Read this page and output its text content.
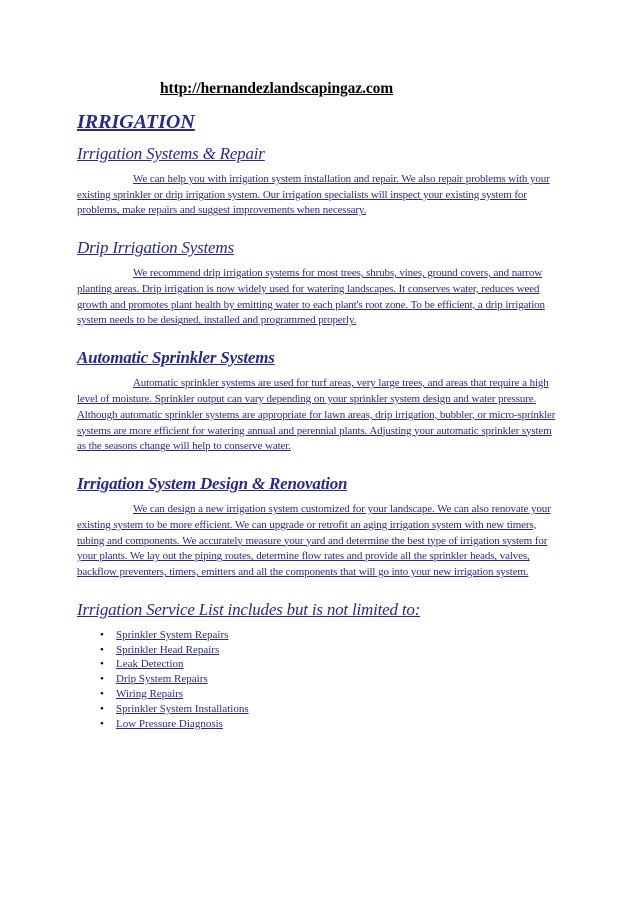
http://hernandezlandscapingaz.com
IRRIGATION
Irrigation Systems & Repair

We can help you with irrigation system installation and repair. We also repair problems with your existing sprinkler or drip irrigation system. Our irrigation specialists will inspect your existing system for problems, make repairs and suggest improvements when necessary.

Drip Irrigation Systems

We recommend drip irrigation systems for most trees, shrubs, vines, ground covers, and narrow planting areas. Drip irrigation is now widely used for watering landscapes. It conserves water, reduces weed growth and promotes plant health by emitting water to each plant's root zone. To be efficient, a drip irrigation system needs to be designed, installed and programmed properly.

Automatic Sprinkler Systems

Automatic sprinkler systems are used for turf areas, very large trees, and areas that require a high level of moisture. Sprinkler output can vary depending on your sprinkler system design and water pressure. Although automatic sprinkler systems are appropriate for lawn areas, drip irrigation, bubbler, or micro-sprinkler systems are more efficient for watering annual and perennial plants. Adjusting your automatic sprinkler system as the seasons change will help to conserve water.

Irrigation System Design & Renovation

We can design a new irrigation system customized for your landscape. We can also renovate your existing system to be more efficient. We can upgrade or retrofit an aging irrigation system with new timers, tubing and components. We accurately measure your yard and determine the best type of irrigation system for your plants. We lay out the piping routes, determine flow rates and provide all the sprinkler heads, valves, backflow preventers, timers, emitters and all the components that will go into your new irrigation system.

Irrigation Service List includes but is not limited to:
• Sprinkler System Repairs
• Sprinkler Head Repairs
• Leak Detection
• Drip System Repairs
• Wiring Repairs
• Sprinkler System Installations
• Low Pressure Diagnosis
